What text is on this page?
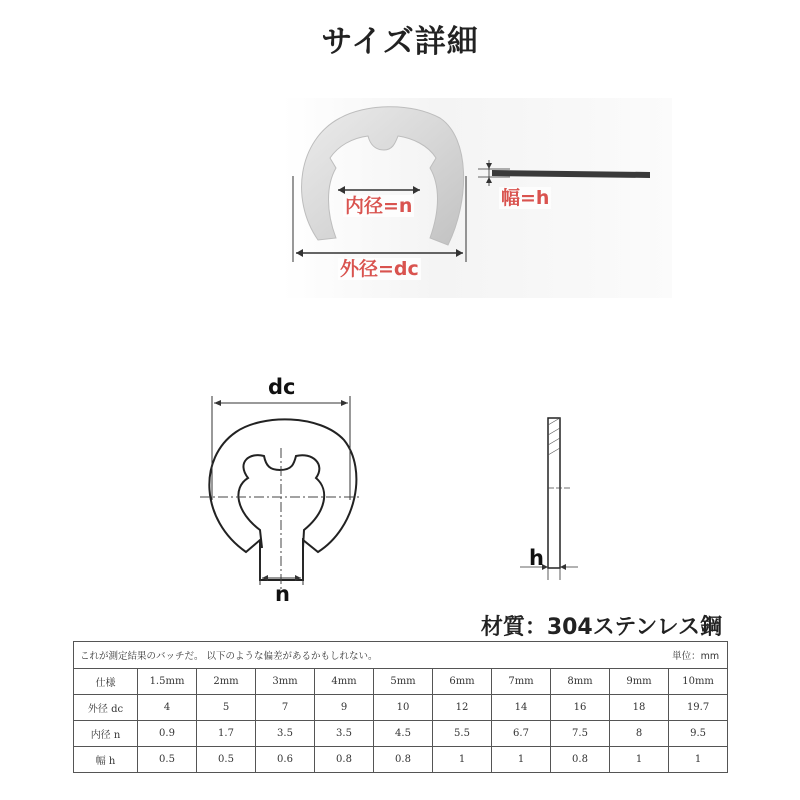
サイズ詳細
内径=n
外径=dc
幅=h
dc
n
h
材質：304ステンレス鋼
これが測定結果のバッチだ。 以下のような偏差があるかもしれない。 単位：mm										

仕様	1.5mm	2mm	3mm	4mm	5mm	6mm	7mm	8mm	9mm	10mm
外径 dc	4	5	7	9	10	12	14	16	18	19.7
内径 n	0.9	1.7	3.5	3.5	4.5	5.5	6.7	7.5	8	9.5
幅 h	0.5	0.5	0.6	0.8	0.8	1	1	0.8	1	1
